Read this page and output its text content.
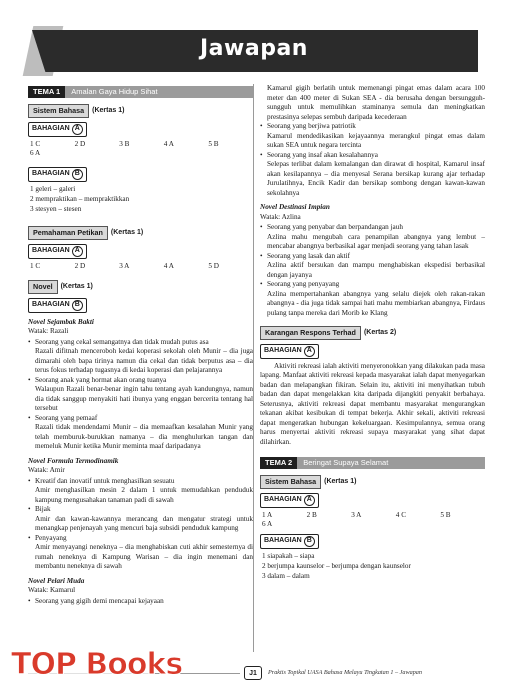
Jawapan
TEMA 1	Amalan Gaya Hidup Sihat
Sistem Bahasa	(Kertas 1)
BAHAGIAN A
1 C	2 D	3 B	4 A	5 B
6 A
BAHAGIAN B
1 geleri – galeri
2 mempraktikan – mempraktikkan
3 stesyen – stesen
Pemahaman Petikan	(Kertas 1)
BAHAGIAN A
1 C	2 D	3 A	4 A	5 D
Novel	(Kertas 1)
BAHAGIAN B
Novel Sejambak Bakti
Watak: Razali
• Seorang yang cekal semangatnya dan tidak mudah putus asa
Razali difitnah menceroboh kedai koperasi sekolah oleh Munir – dia juga dimarahi oleh bapa tirinya namun dia cekal dan tidak berputus asa – dia terus fokus terhadap tugasnya di kedai koperasi dan pelajarannya
• Seorang anak yang hormat akan orang tuanya
Walaupun Razali benar-benar ingin tahu tentang ayah kandungnya, namun dia tidak sanggup menyakiti hati ibunya yang enggan bercerita tentang hal tersebut
• Seorang yang pemaaf
Razali tidak mendendami Munir – dia memaafkan kesalahan Munir yang telah memburuk-burukkan namanya – dia menghulurkan tangan dan memeluk Munir ketika Munir meminta maaf daripadanya
Novel Formula Termodinamik
Watak: Amir
• Kreatif dan inovatif untuk menghasilkan sesuatu
Amir menghasilkan mesin 2 dalam 1 untuk memudahkan penduduk kampung mengusahakan tanaman padi di sawah
• Bijak
Amir dan kawan-kawannya merancang dan mengatur strategi untuk menangkap penjenayah yang mencuri baja subsidi penduduk kampung
• Penyayang
Amir menyayangi neneknya – dia menghabiskan cuti akhir semesternya di rumah neneknya di Kampung Warisan – dia ingin menemani dan membantu neneknya di sawah
Novel Pelari Muda
Watak: Kamarul
• Seorang yang gigih demi mencapai kejayaan
Kamarul gigih berlatih untuk memenangi pingat emas dalam acara 100 meter dan 400 meter di Sukan SEA - dia berusaha dengan bersungguh-sungguh untuk memulihkan staminanya semula dan meningkatkan prestasinya selepas sembuh daripada kecederaan
• Seorang yang berjiwa patriotik
Kamarul mendedikasikan kejayaannya merangkul pingat emas dalam sukan SEA untuk negara tercinta
• Seorang yang insaf akan kesalahannya
Selepas terlibat dalam kemalangan dan dirawat di hospital, Kamarul insaf akan kesilapannya – dia menyesal Serana bersikap kurang ajar terhadap Jurulatihnya, Encik Kadir dan bersikap sombong dengan kawan-kawan sekolahnya
Novel Destinasi Impian
Watak: Azlina
• Seorang yang penyabar dan berpandangan jauh
Azlina mahu mengubah cara penampilan abangnya yang lembut – mencabar abangnya berbasikal agar menjadi seorang yang tahan lasak
• Seorang yang lasak dan aktif
Azlina aktif bersukan dan mampu menghabiskan ekspedisi berbasikal dengan jayanya
• Seorang yang penyayang
Azlina mempertahankan abangnya yang selalu diejek oleh rakan-rakan abangnya - dia juga tidak sampai hati mahu membiarkan abangnya, Firdaus pulang tanpa mereka dari Morib ke Klang
Karangan Respons Terhad	(Kertas 2)
BAHAGIAN A
Aktiviti rekreasi ialah aktiviti menyeronokkan yang dilakukan pada masa lapang. Manfaat aktiviti rekreasi kepada masyarakat ialah dapat menyegarkan badan dan melapangkan fikiran. Selain itu, aktiviti ini menyihatkan tubuh badan dan dapat mengelakkan kita daripada dijangkiti penyakit berbahaya. Seterusnya, aktiviti rekreasi dapat membantu masyarakat mengurangkan tekanan akibat kesibukan di tempat bekerja. Akhir sekali, aktiviti rekreasi dapat mengeratkan hubungan kekeluargaan. Kesimpulannya, semua orang harus menyertai aktiviti rekreasi supaya masyarakat yang sihat dapat dilahirkan.
TEMA 2	Beringat Supaya Selamat
Sistem Bahasa	(Kertas 1)
BAHAGIAN A
1 A	2 B	3 A	4 C	5 B
6 A
BAHAGIAN B
1 siapakah – siapa
2 berjumpa kaunselor – berjumpa dengan kaunselor
3 dalam – dalam
J1	Praktis Topikal UASA Bahasa Melayu Tingkatan 1 – Jawapan
TOP Books
